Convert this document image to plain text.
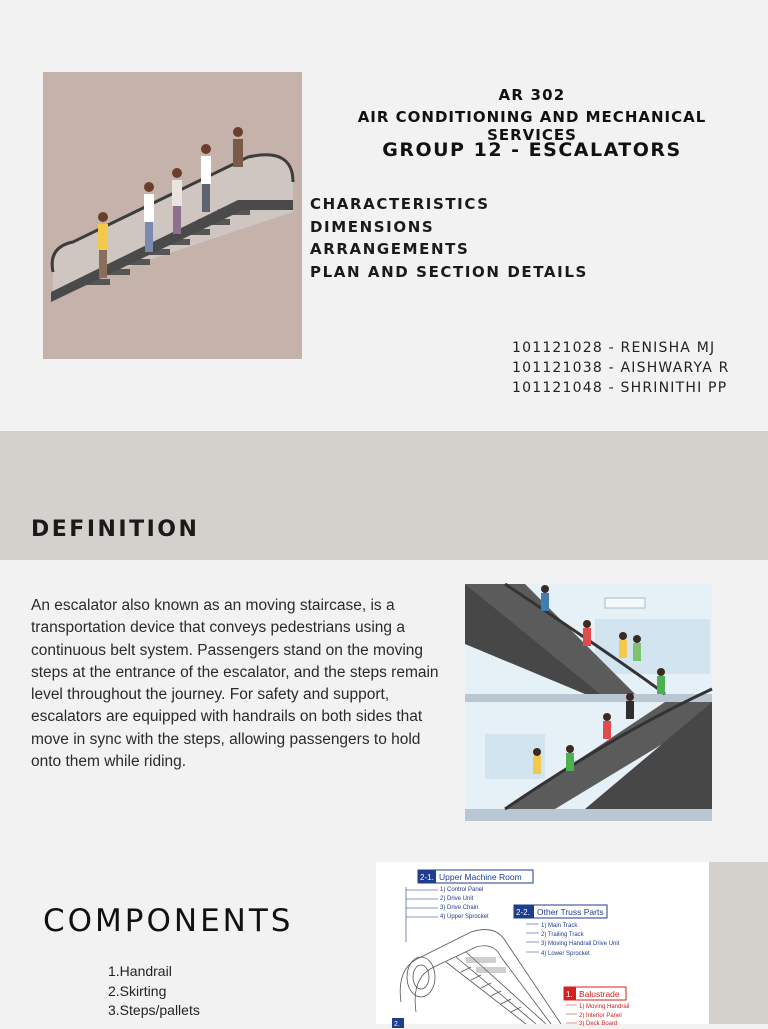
AR 302
AIR CONDITIONING AND MECHANICAL SERVICES
GROUP 12 - ESCALATORS
CHARACTERISTICS
DIMENSIONS
ARRANGEMENTS
PLAN AND SECTION DETAILS
101121028 - RENISHA MJ
101121038 - AISHWARYA R
101121048 - SHRINITHI PP
DEFINITION

An escalator also known as an moving staircase, is a transportation device that conveys pedestrians using a continuous belt system. Passengers stand on the moving steps at the entrance of the escalator, and the steps remain level throughout the journey. For safety and support, escalators are equipped with handrails on both sides that move in sync with the steps, allowing passengers to hold onto them while riding.

COMPONENTS
1.Handrail
2.Skirting
3.Steps/pallets
2-1. Upper Machine Room
1) Control Panel
2) Drive Unit
3) Drive Chain
4) Upper Sprocket	2-2. Other Truss Parts
1) Main Track
2) Trailing Track
3) Moving Handrail Drive Unit
4) Lower Sprocket
1. Balustrade
1) Moving Handrail
2) Interior Panel
3) Deck Board
2.
